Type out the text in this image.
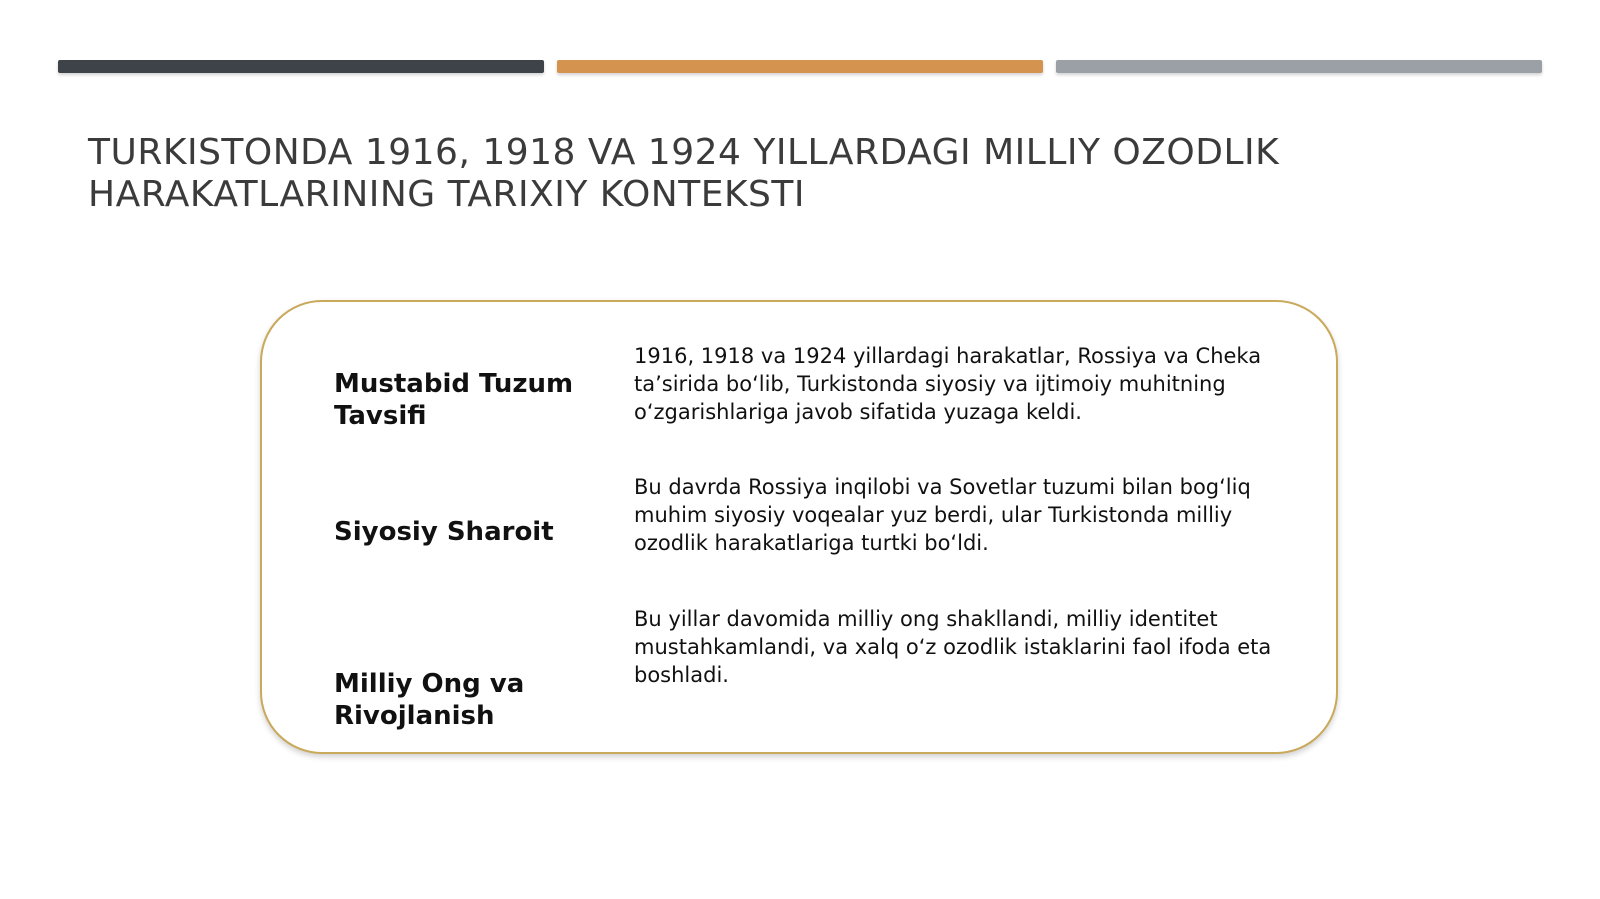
TURKISTONDA 1916, 1918 VA 1924 YILLARDAGI MILLIY OZODLIK HARAKATLARINING TARIXIY KONTEKSTI
Mustabid Tuzum Tavsifi
1916, 1918 va 1924 yillardagi harakatlar, Rossiya va Cheka ta’sirida bo‘lib, Turkistonda siyosiy va ijtimoiy muhitning o‘zgarishlariga javob sifatida yuzaga keldi.
Siyosiy Sharoit
Bu davrda Rossiya inqilobi va Sovetlar tuzumi bilan bog‘liq muhim siyosiy voqealar yuz berdi, ular Turkistonda milliy ozodlik harakatlariga turtki bo‘ldi.
Milliy Ong va Rivojlanish
Bu yillar davomida milliy ong shakllandi, milliy identitet mustahkamlandi, va xalq o‘z ozodlik istaklarini faol ifoda eta boshladi.
